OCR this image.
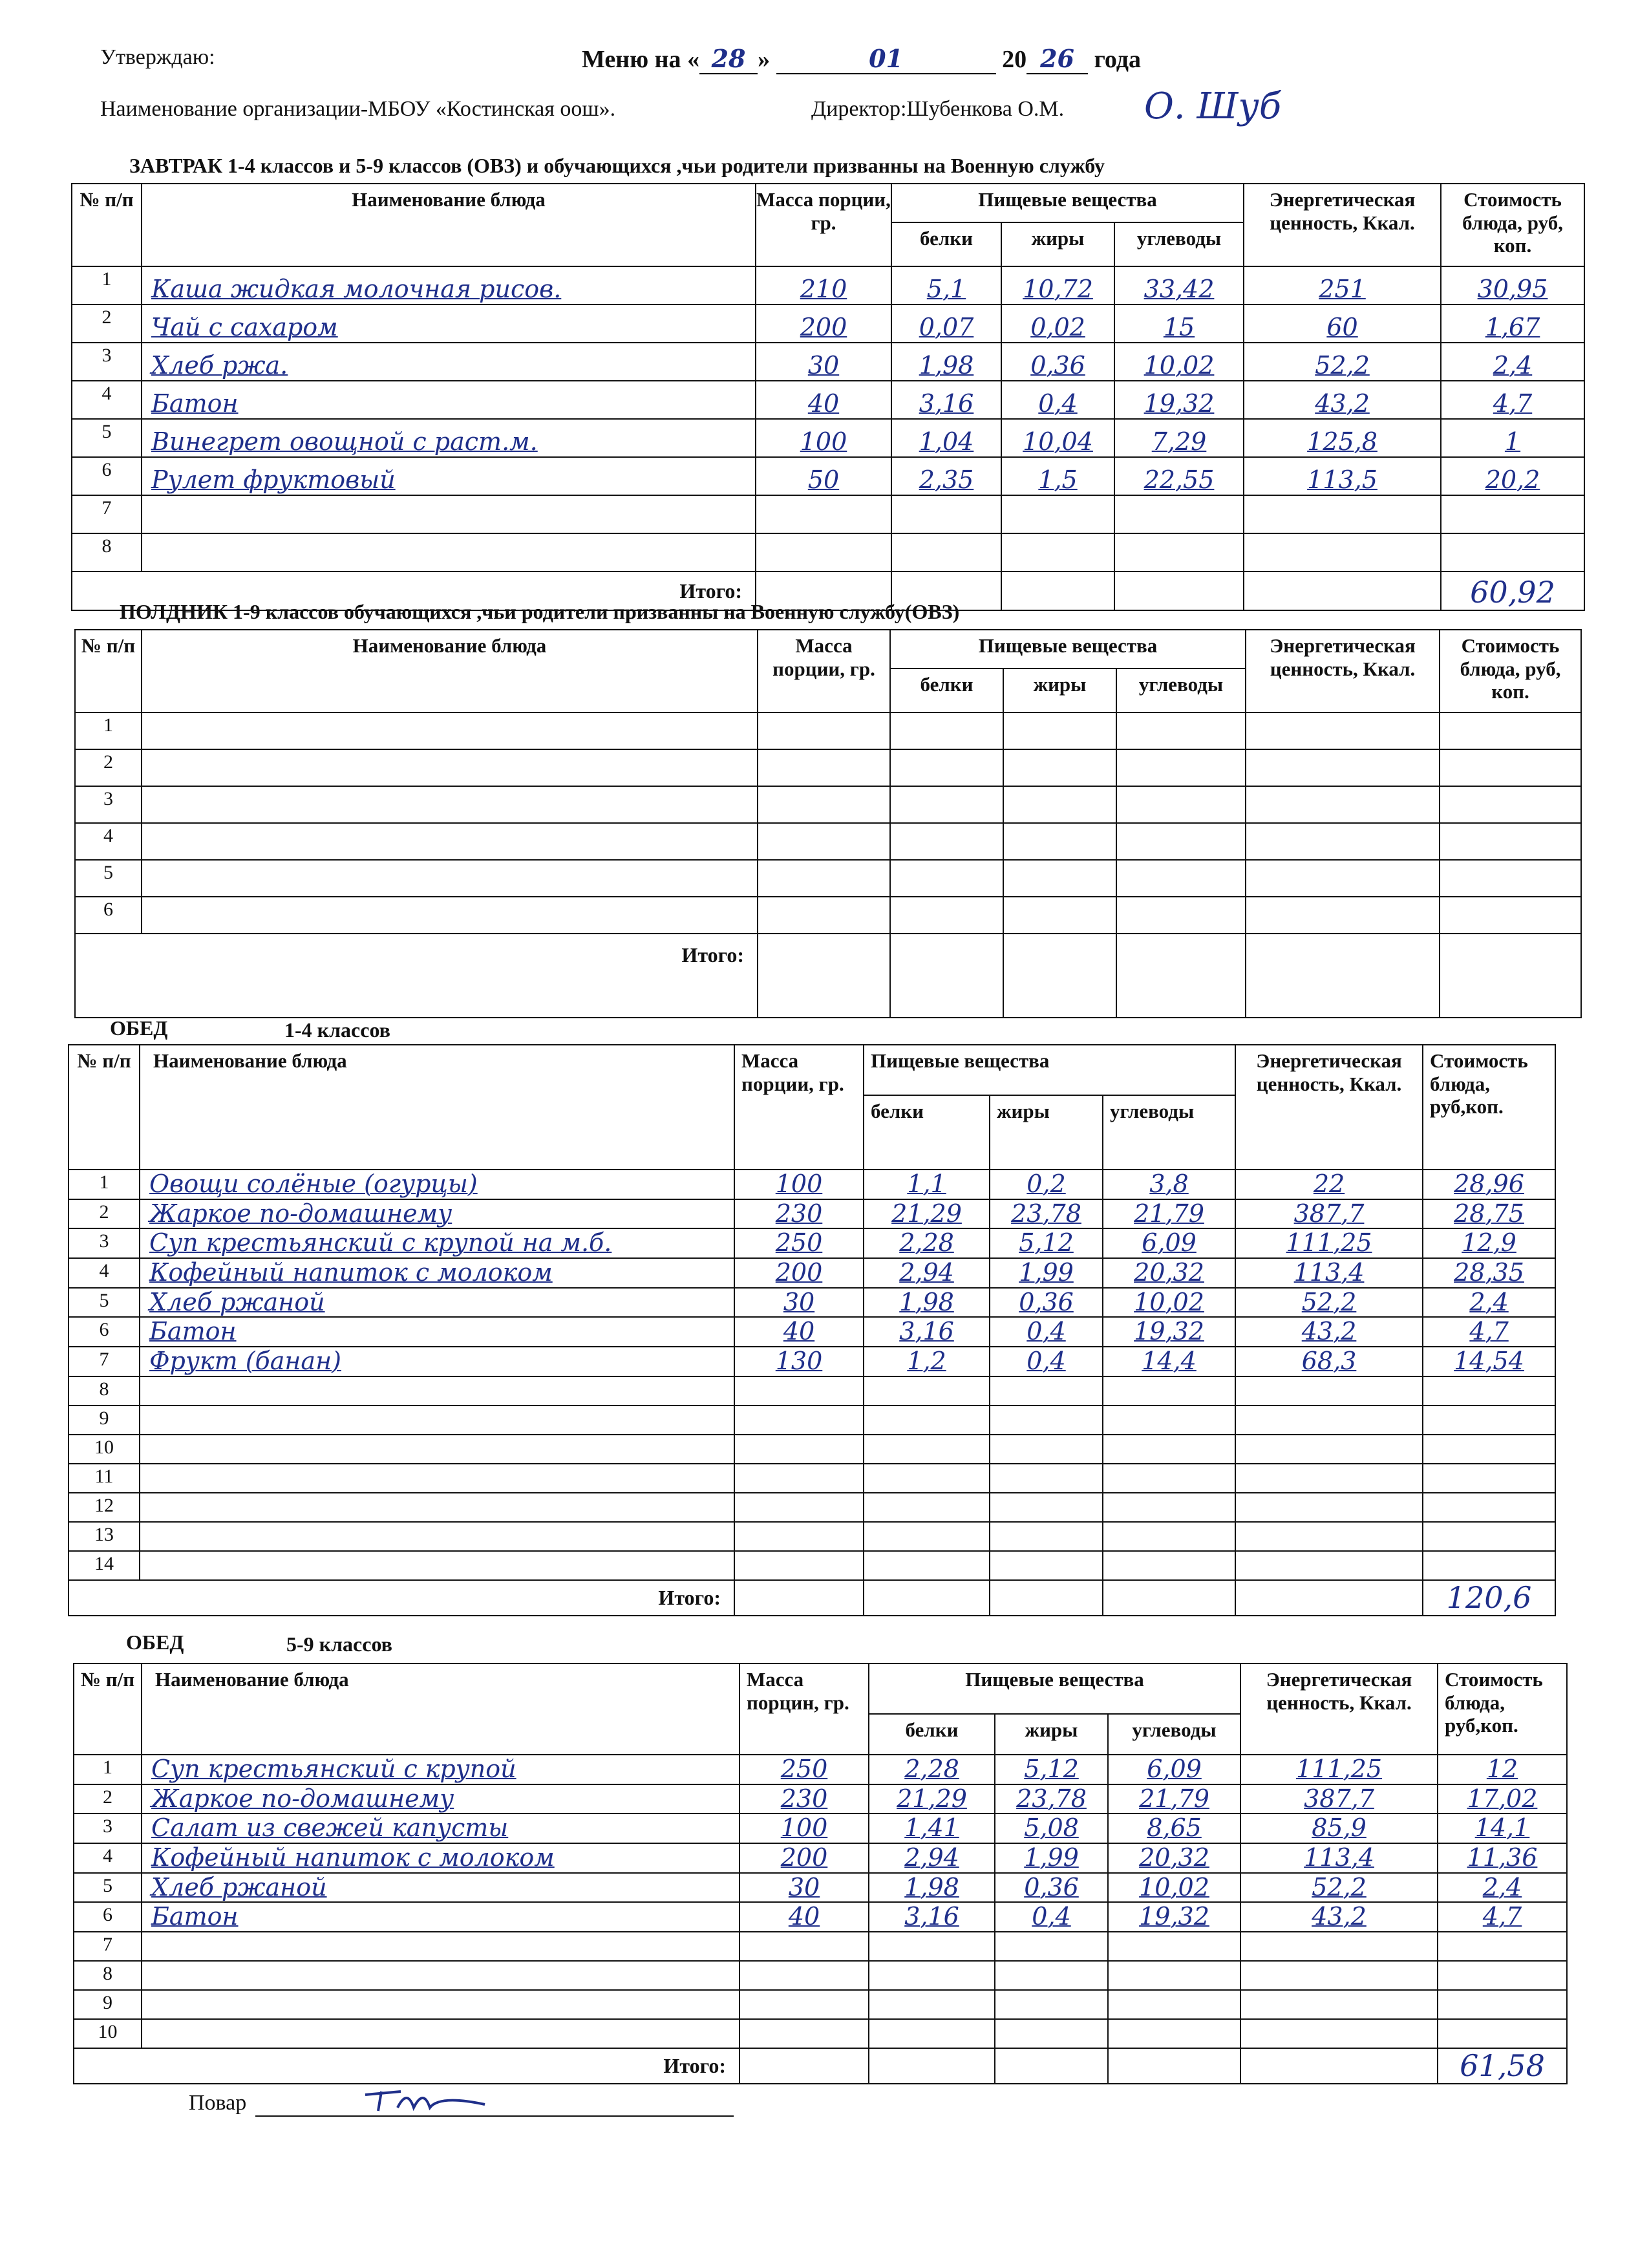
Утверждаю:	Меню на « 28 »	01	20 26 года
Наименование организации-МБОУ «Костинская оош».	Директор:Шубенкова О.М. О. Шуб
ЗАВТРАК 1-4 классов и 5-9 классов (ОВЗ) и обучающихся ,чьи родители призванны на Военную службу
№ п/п	Наименование блюда	Масса порции, гр.	Пищевые вещества			Энергетическая ценность, Ккал.	Стоимость блюда, руб, коп.
			белки	жиры	углеводы		
1	Каша жидкая молочная рисов.	210	5,1	10,72	33,42	251	30,95
2	Чай с сахаром	200	0,07	0,02	15	60	1,67
3	Хлеб ржа.	30	1,98	0,36	10,02	52,2	2,4
4	Батон	40	3,16	0,4	19,32	43,2	4,7
5	Винегрет овощной с раст.м.	100	1,04	10,04	7,29	125,8	1
6	Рулет фруктовый	50	2,35	1,5	22,55	113,5	20,2
7							
8							
Итого:							60,92
ПОЛДНИК 1-9 классов обучающихся ,чьи родители призванны на Военную службу(ОВЗ)
№ п/п	Наименование блюда	Масса порции, гр.	Пищевые вещества			Энергетическая ценность, Ккал.	Стоимость блюда, руб, коп.
			белки	жиры	углеводы		
1							
2							
3							
4							
5							
6							
Итого:							
ОБЕД	1-4 классов
№ п/п	Наименование блюда	Масса порции, гр.	Пищевые вещества			Энергетическая ценность, Ккал.	Стоимость блюда, руб,коп.
			белки	жиры	углеводы		
1	Овощи солёные (огурцы)	100	1,1	0,2	3,8	22	28,96
2	Жаркое по-домашнему	230	21,29	23,78	21,79	387,7	28,75
3	Суп крестьянский с крупой на м.б.	250	2,28	5,12	6,09	111,25	12,9
4	Кофейный напиток с молоком	200	2,94	1,99	20,32	113,4	28,35
5	Хлеб ржаной	30	1,98	0,36	10,02	52,2	2,4
6	Батон	40	3,16	0,4	19,32	43,2	4,7
7	Фрукт (банан)	130	1,2	0,4	14,4	68,3	14,54
8							
9							
10							
11							
12							
13							
14							
Итого:							120,6
ОБЕД	5-9 классов
№ п/п	Наименование блюда	Масса порцин, гр.	Пищевые вещества			Энергетическая ценность, Ккал.	Стоимость блюда, руб,коп.
			белки	жиры	углеводы		
1	Суп крестьянский с крупой	250	2,28	5,12	6,09	111,25	12
2	Жаркое по-домашнему	230	21,29	23,78	21,79	387,7	17,02
3	Салат из свежей капусты	100	1,41	5,08	8,65	85,9	14,1
4	Кофейный напиток с молоком	200	2,94	1,99	20,32	113,4	11,36
5	Хлеб ржаной	30	1,98	0,36	10,02	52,2	2,4
6	Батон	40	3,16	0,4	19,32	43,2	4,7
7							
8							
9							
10							
Итого:							61,58
Повар
